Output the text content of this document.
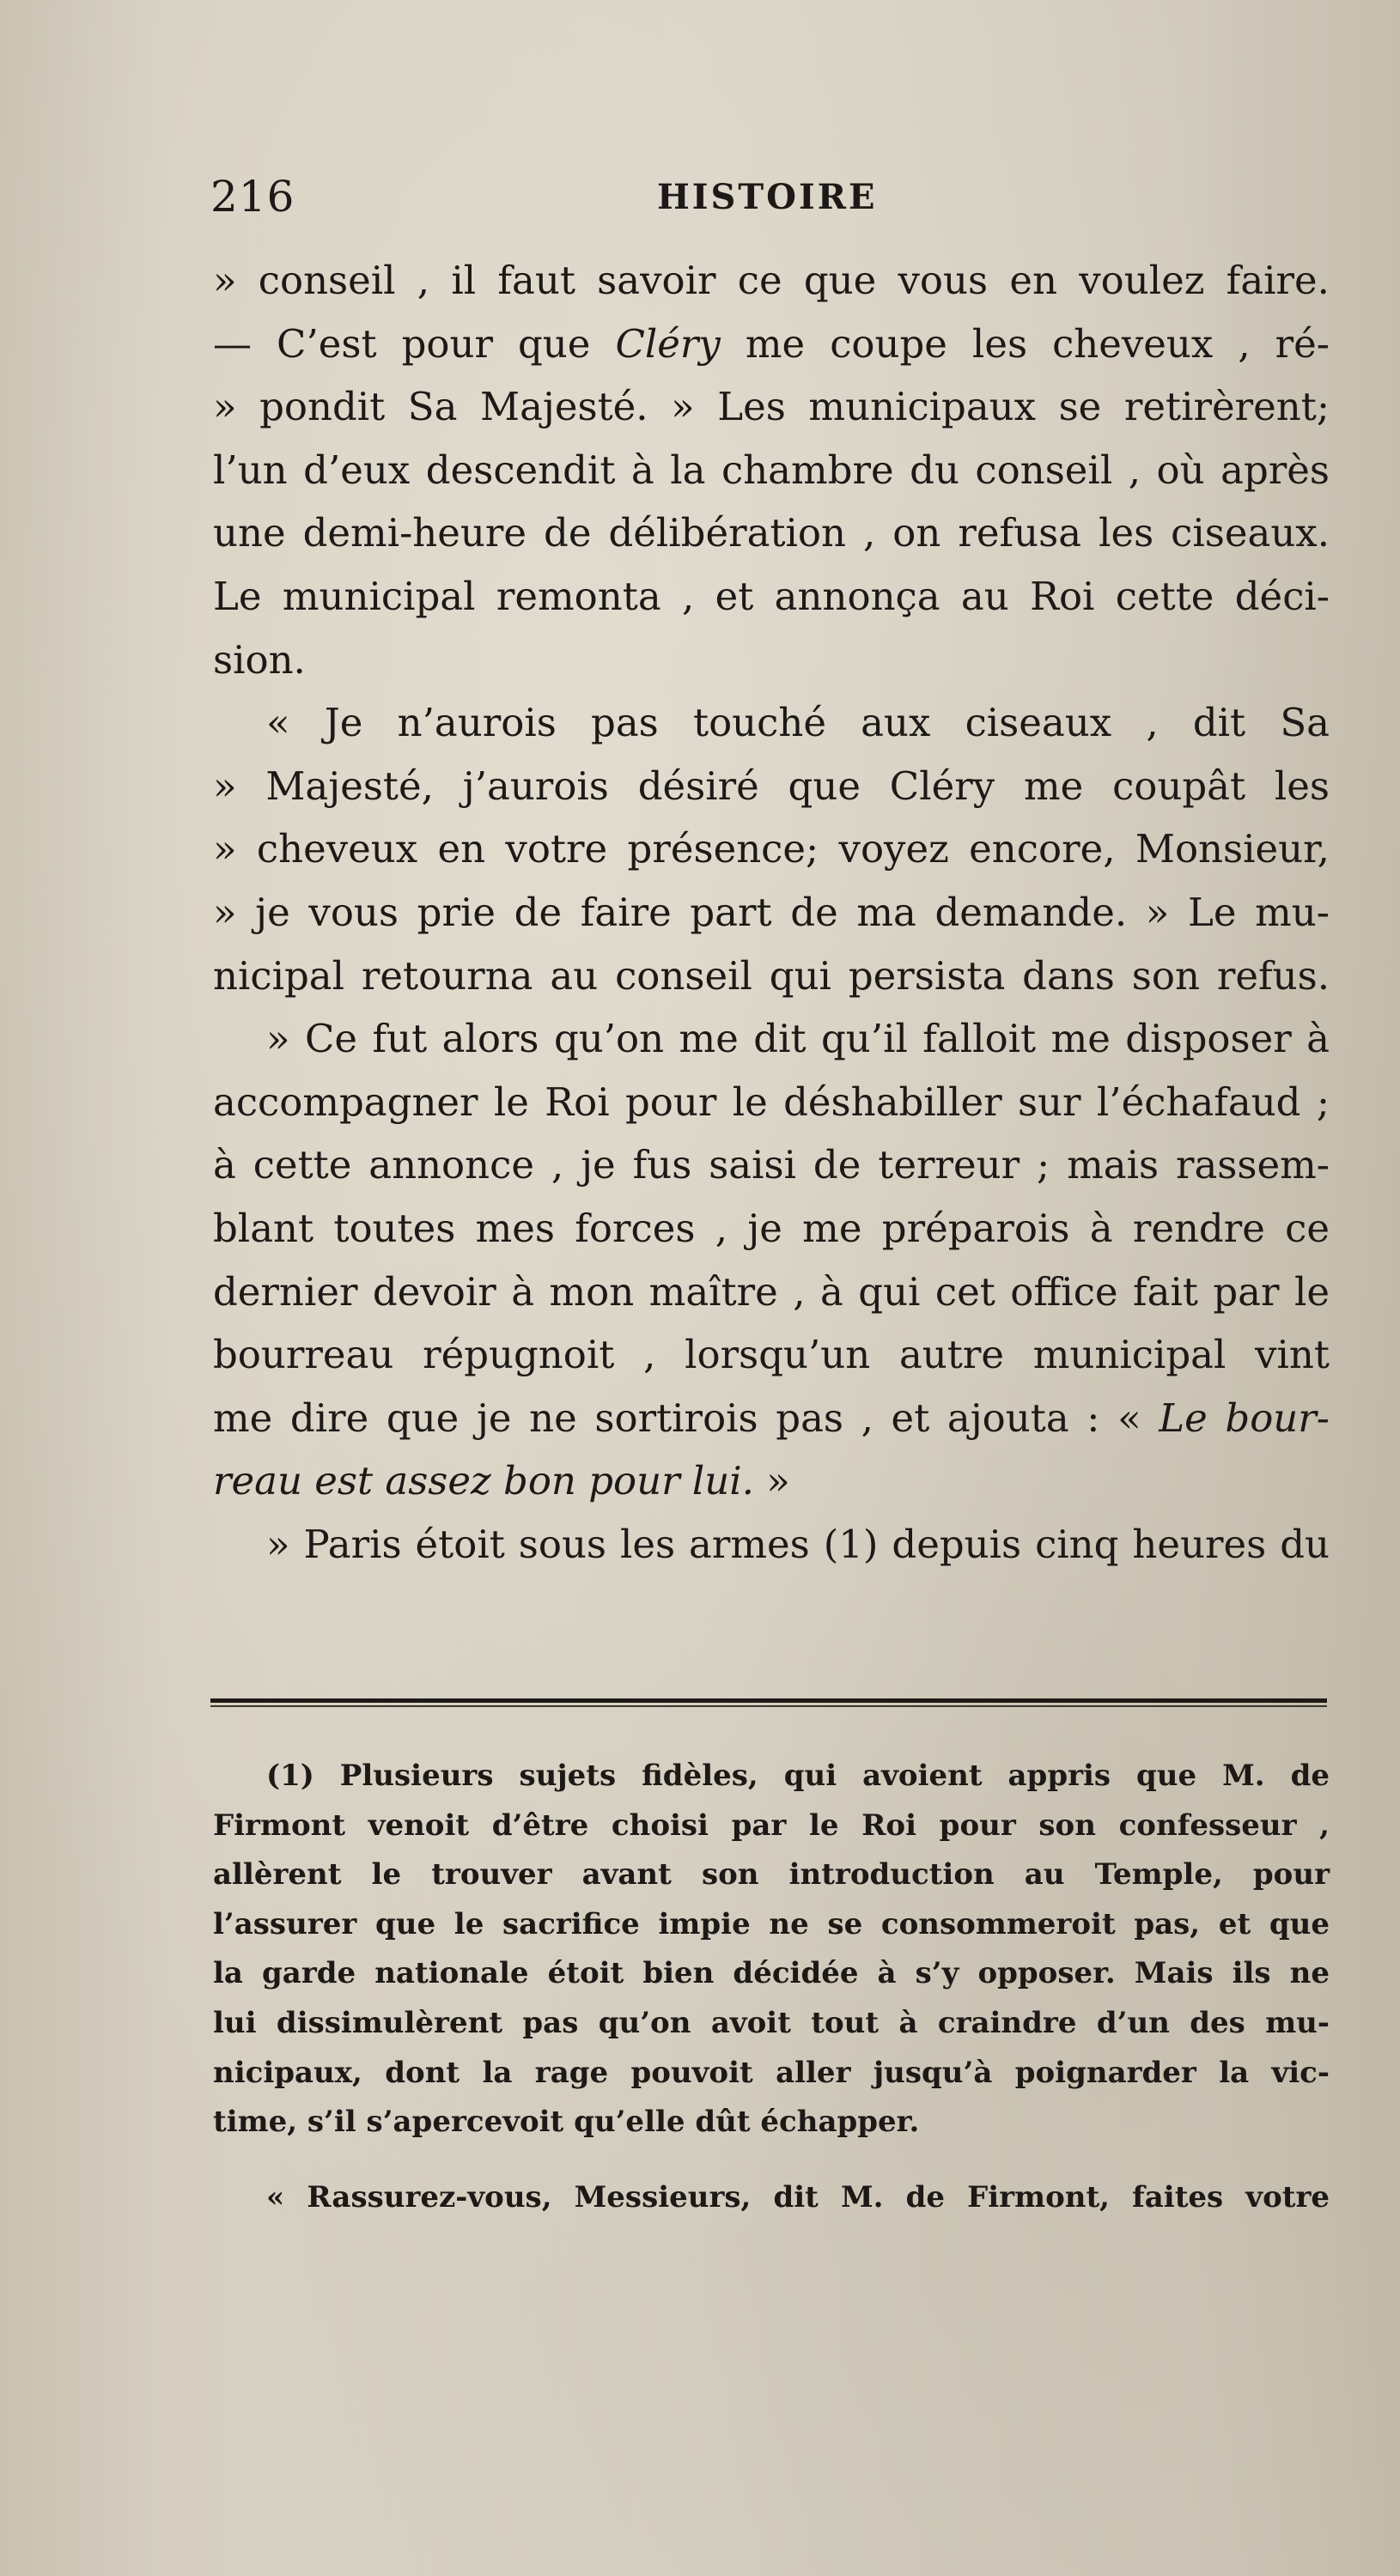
216	HISTOIRE
» conseil , il faut savoir ce que vous en voulez faire.
— C’est pour que Cléry me coupe les cheveux , ré-
» pondit Sa Majesté. » Les municipaux se retirèrent;
l’un d’eux descendit à la chambre du conseil , où après
une demi-heure de délibération , on refusa les ciseaux.
Le municipal remonta , et annonça au Roi cette déci-
sion.
« Je n’aurois pas touché aux ciseaux , dit Sa
» Majesté, j’aurois désiré que Cléry me coupât les
» cheveux en votre présence; voyez encore, Monsieur,
» je vous prie de faire part de ma demande. » Le mu-
nicipal retourna au conseil qui persista dans son refus.
» Ce fut alors qu’on me dit qu’il falloit me disposer à
accompagner le Roi pour le déshabiller sur l’échafaud ;
à cette annonce , je fus saisi de terreur ; mais rassem-
blant toutes mes forces , je me préparois à rendre ce
dernier devoir à mon maître , à qui cet office fait par le
bourreau répugnoit , lorsqu’un autre municipal vint
me dire que je ne sortirois pas , et ajouta : « Le bour-
reau est assez bon pour lui. »
» Paris étoit sous les armes (1) depuis cinq heures du
(1) Plusieurs sujets fidèles, qui avoient appris que M. de
Firmont venoit d’être choisi par le Roi pour son confesseur ,
allèrent le trouver avant son introduction au Temple, pour
l’assurer que le sacrifice impie ne se consommeroit pas, et que
la garde nationale étoit bien décidée à s’y opposer. Mais ils ne
lui dissimulèrent pas qu’on avoit tout à craindre d’un des mu-
nicipaux, dont la rage pouvoit aller jusqu’à poignarder la vic-
time, s’il s’apercevoit qu’elle dût échapper.
« Rassurez-vous, Messieurs, dit M. de Firmont, faites votre
